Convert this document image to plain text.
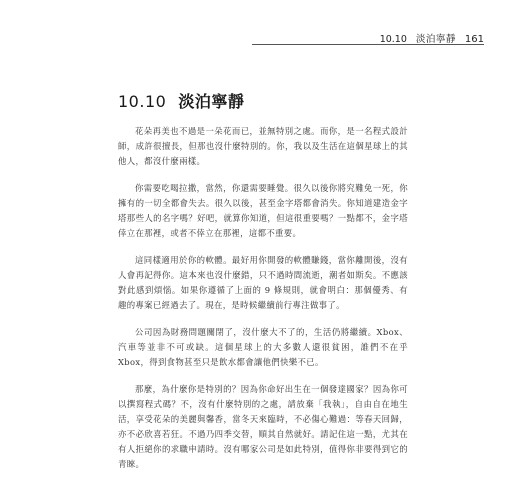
10.10 淡泊寧靜 161
10.10 淡泊寧靜

花朵再美也不過是一朵花而已，並無特別之處。而你，是一名程式設計師，成許很擅長，但那也沒什麼特別的。你，我以及生活在這個星球上的其他人，都沒什麼兩樣。

你需要吃喝拉撒，當然，你還需要睡覺。很久以後你將究難免一死，你擁有的一切全都會失去。很久以後，甚至金字塔都會消失。你知道建造金字塔那些人的名字嗎？好吧，就算你知道，但這很重要嗎？一點都不，金字塔倖立在那裡，或者不倖立在那裡，這都不重要。

這同樣適用於你的軟體。最好用你開發的軟體賺錢，當你離開後，沒有人會再記得你。這本來也沒什麼錯，只不過時間流逝，潮者如斯矣。不應該對此感到煩惱。如果你遵循了上面的 9 條規則，就會明白：那個優秀、有趣的專案已經過去了。現在，是時候繼續前行專注做事了。

公司因為財務問題關閉了，沒什麼大不了的，生活仍將繼續。Xbox、汽車等並非不可或缺。這個星球上的大多數人還很貧困，誰們不在乎 Xbox，得到食物甚至只是飲水都會讓他們快樂不已。

那麼，為什麼你是特別的？因為你命好出生在一個發達國家？因為你可以撰寫程式碼？不，沒有什麼特別的之處，請放棄「我執」，自由自在地生活，享受花朵的美麗與馨香，當冬天來臨時，不必傷心難過：等春天回歸，亦不必欣喜若狂。不過乃四季交替，順其自然就好。請記住這一點，尤其在有人拒絕你的求職申請時。沒有哪家公司是如此特別，值得你非要得到它的青睞。
